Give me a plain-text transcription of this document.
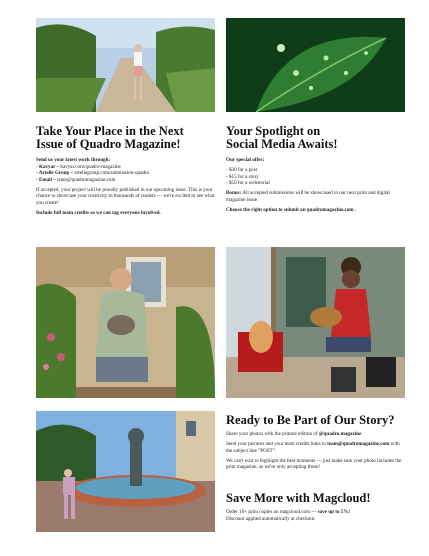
Take Your Place in the Next
Issue of Quadro Magazine!

Send us your latest work through:

- Kavyar – kavyar.com/quadro-magazine
- Artelle Group – artellegroup.com/submission-quadro
- Email – team@quadromagazine.com

If accepted, your project will be proudly published in our upcoming issue. This is your chance to showcase your creativity to thousands of readers — we're excited to see what you create!

Include full team credits so we can tag everyone involved.

Your Spotlight on
Social Media Awaits!

Our special offer:

- $30 for a post
- $15 for a story
- $50 for a webstorial

Bonus: All accepted submissions will be showcased in our next print and digital magazine issue.

Choose the right option to submit on quadromagazine.com .

Ready to Be Part of Our Story?

Share your photos with the printed edition of @quadro.magazine

Send your pictures and your team credits links to team@quadromagazine.com with the subject line "POST".

We can't wait to highlight the best moments — just make sure your photo includes the print magazine, as we're only accepting those!

Save More with Magcloud!
Order 10+ print copies on magcloud.com — save up to 5%!
Discount applied automatically at checkout.
